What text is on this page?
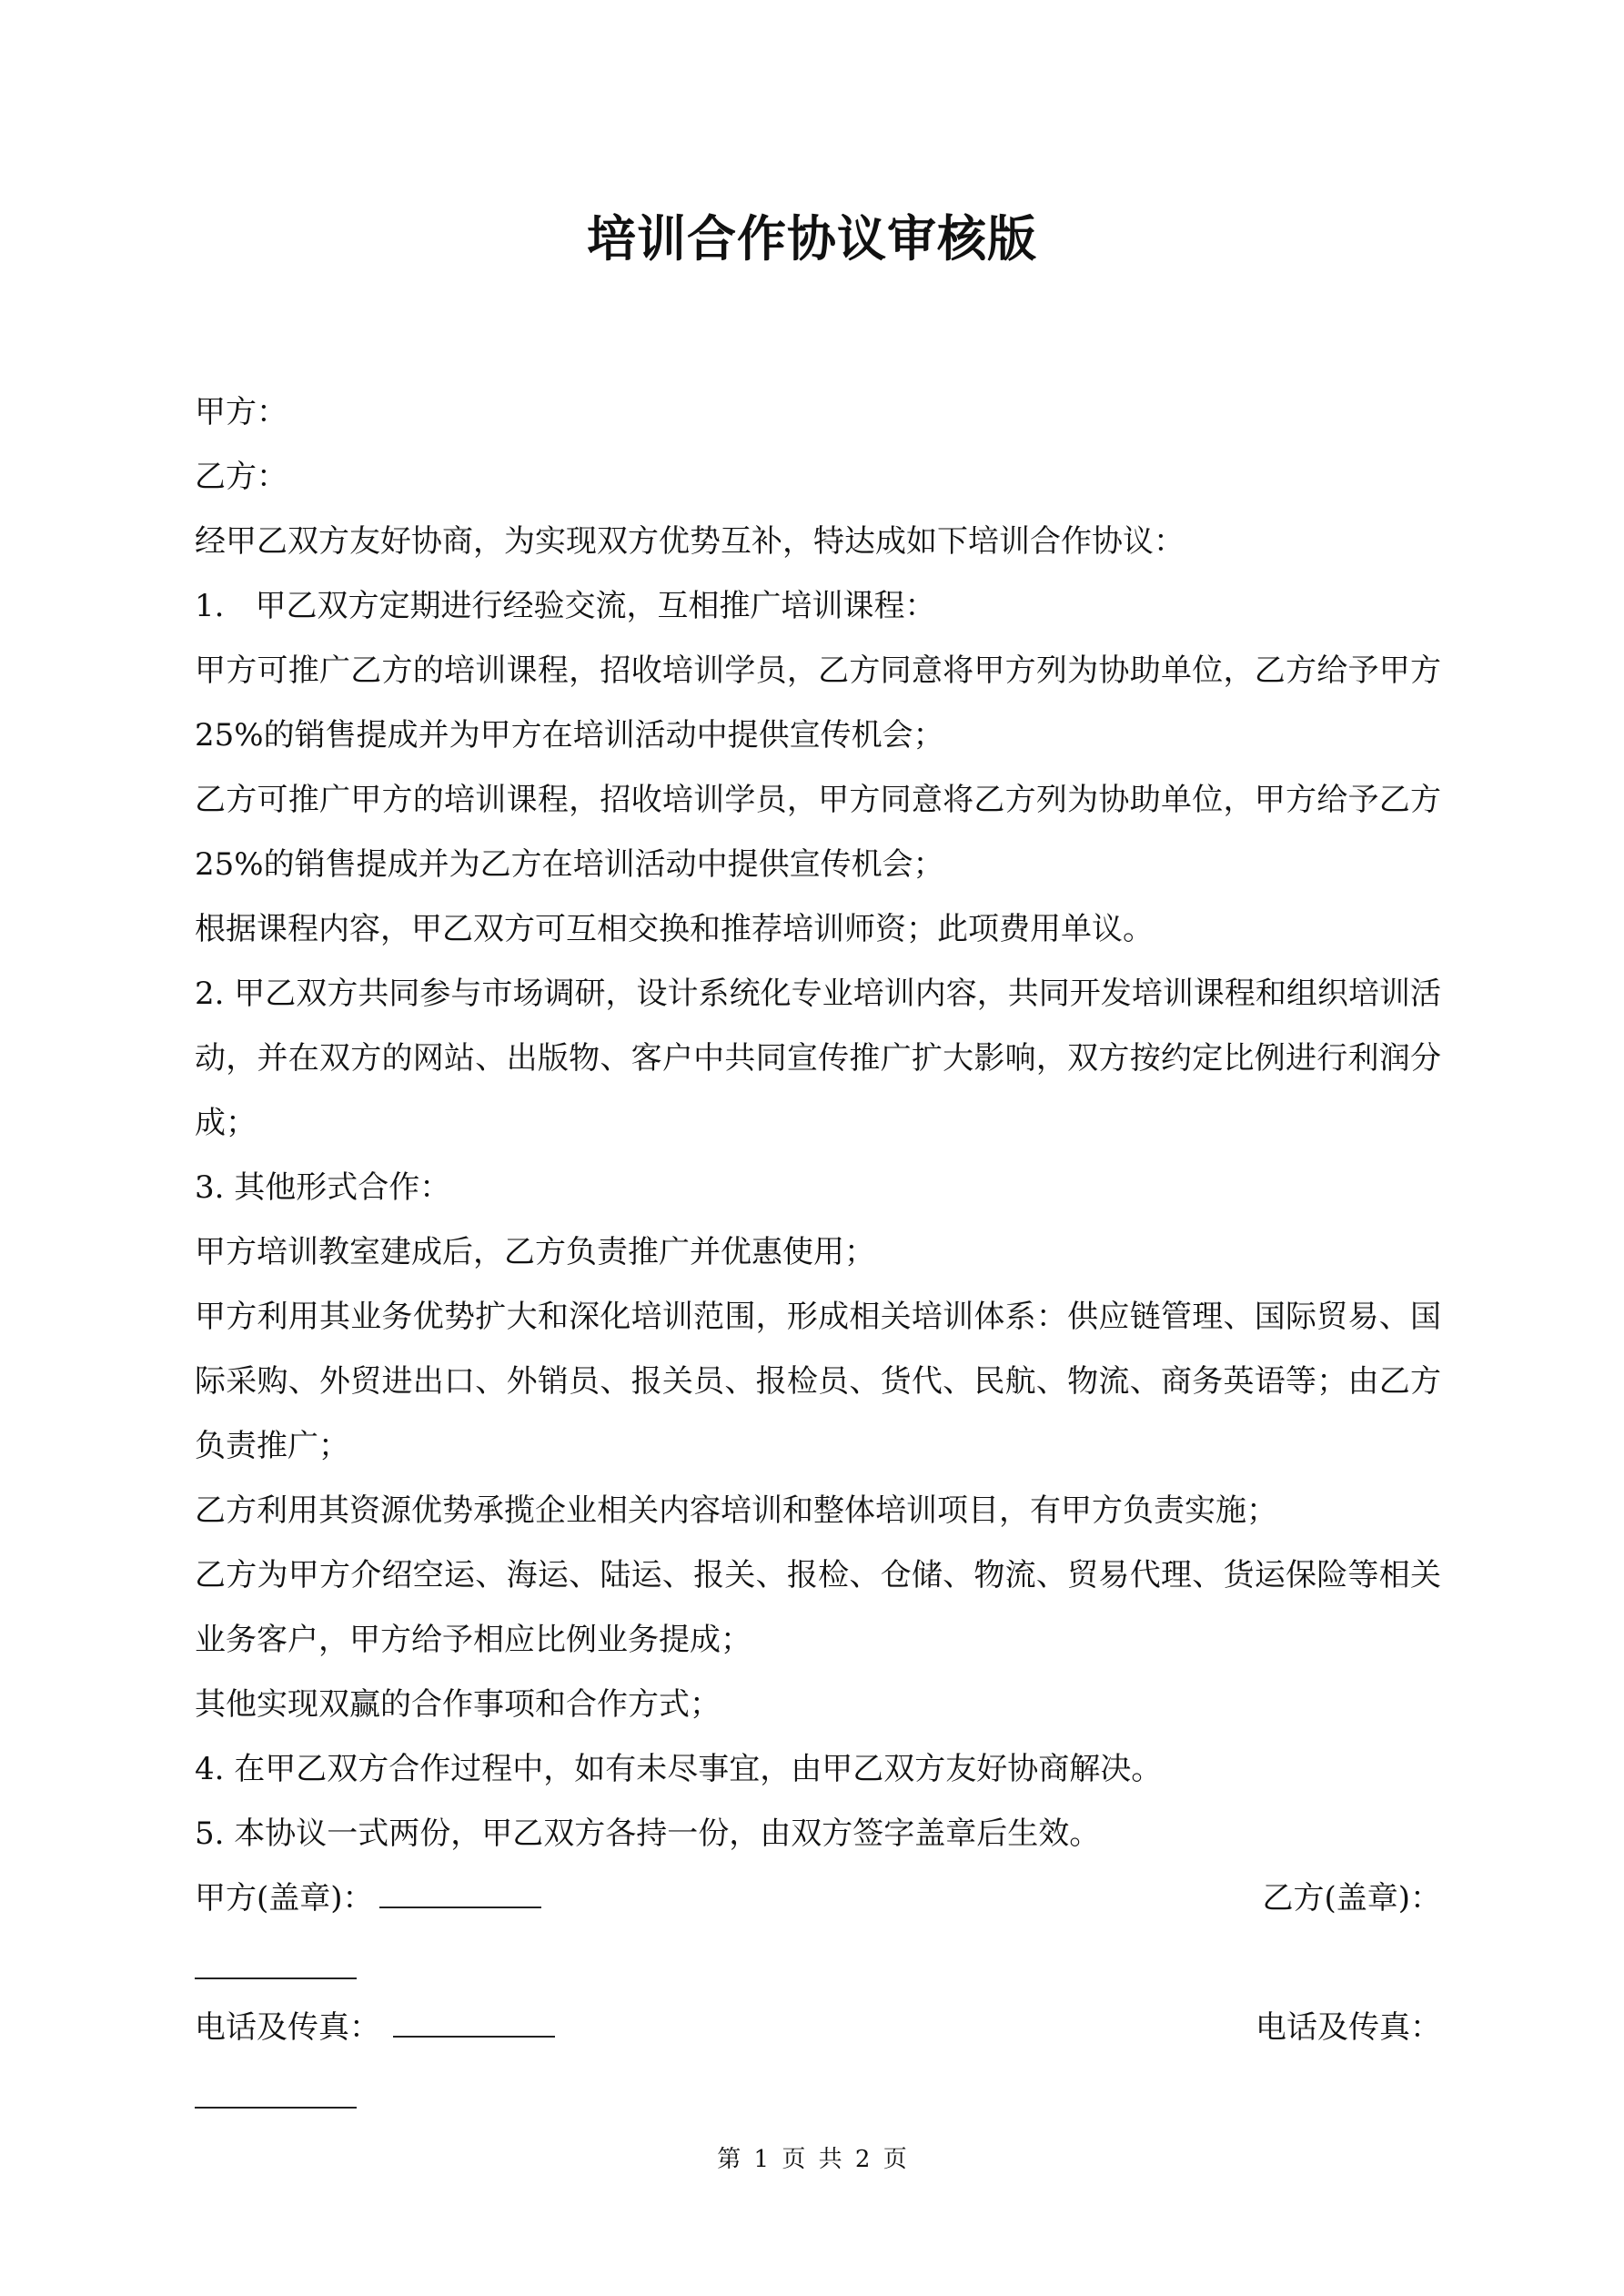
培训合作协议审核版
甲方：
乙方：
经甲乙双方友好协商，为实现双方优势互补，特达成如下培训合作协议：
1.　甲乙双方定期进行经验交流，互相推广培训课程：
甲方可推广乙方的培训课程，招收培训学员，乙方同意将甲方列为协助单位，乙方给予甲方 25%的销售提成并为甲方在培训活动中提供宣传机会；
乙方可推广甲方的培训课程，招收培训学员，甲方同意将乙方列为协助单位，甲方给予乙方 25%的销售提成并为乙方在培训活动中提供宣传机会；
根据课程内容，甲乙双方可互相交换和推荐培训师资；此项费用单议。
2. 甲乙双方共同参与市场调研，设计系统化专业培训内容，共同开发培训课程和组织培训活动，并在双方的网站、出版物、客户中共同宣传推广扩大影响，双方按约定比例进行利润分成；
3. 其他形式合作：
甲方培训教室建成后，乙方负责推广并优惠使用；
甲方利用其业务优势扩大和深化培训范围，形成相关培训体系：供应链管理、国际贸易、国际采购、外贸进出口、外销员、报关员、报检员、货代、民航、物流、商务英语等；由乙方负责推广；
乙方利用其资源优势承揽企业相关内容培训和整体培训项目，有甲方负责实施；
乙方为甲方介绍空运、海运、陆运、报关、报检、仓储、物流、贸易代理、货运保险等相关业务客户，甲方给予相应比例业务提成；
其他实现双赢的合作事项和合作方式；
4. 在甲乙双方合作过程中，如有未尽事宜，由甲乙双方友好协商解决。
5. 本协议一式两份，甲乙双方各持一份，由双方签字盖章后生效。
甲方(盖章)：	乙方(盖章)：
电话及传真：	电话及传真：
第 1 页 共 2 页
